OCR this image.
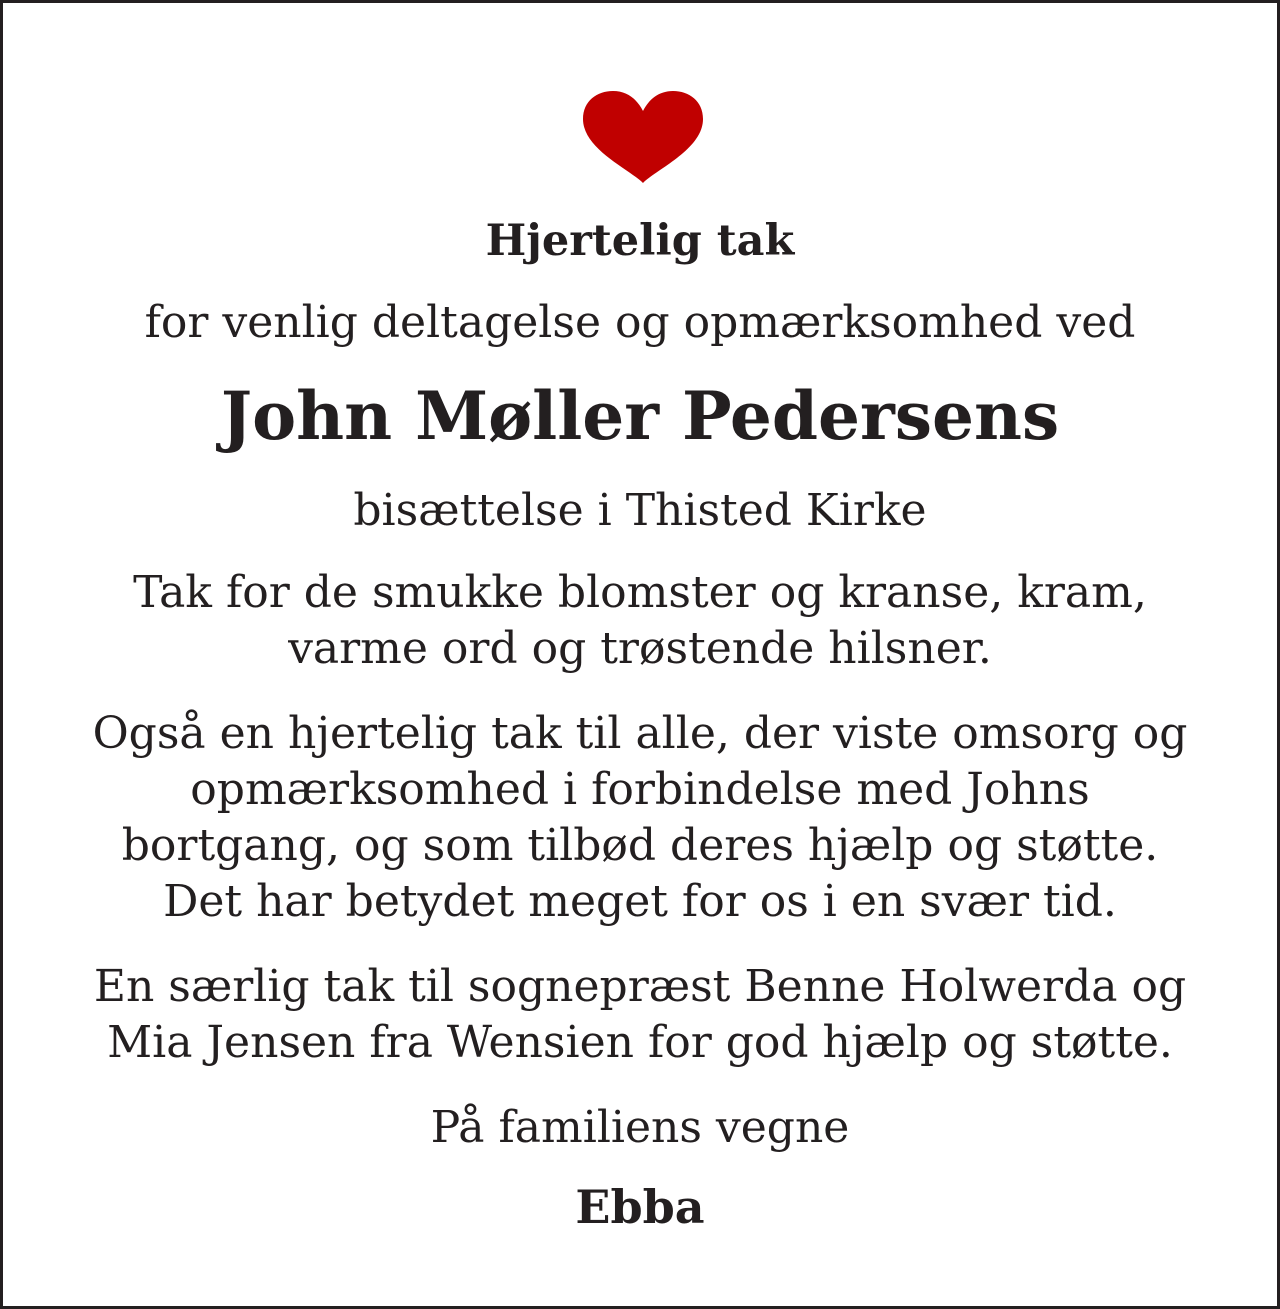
Hjertelig tak

for venlig deltagelse og opmærksomhed ved

John Møller Pedersens

bisættelse i Thisted Kirke

Tak for de smukke blomster og kranse, kram,
varme ord og trøstende hilsner.
Også en hjertelig tak til alle, der viste omsorg og
opmærksomhed i forbindelse med Johns
bortgang, og som tilbød deres hjælp og støtte.
Det har betydet meget for os i en svær tid.
En særlig tak til sognepræst Benne Holwerda og
Mia Jensen fra Wensien for god hjælp og støtte.

På familiens vegne

Ebba
